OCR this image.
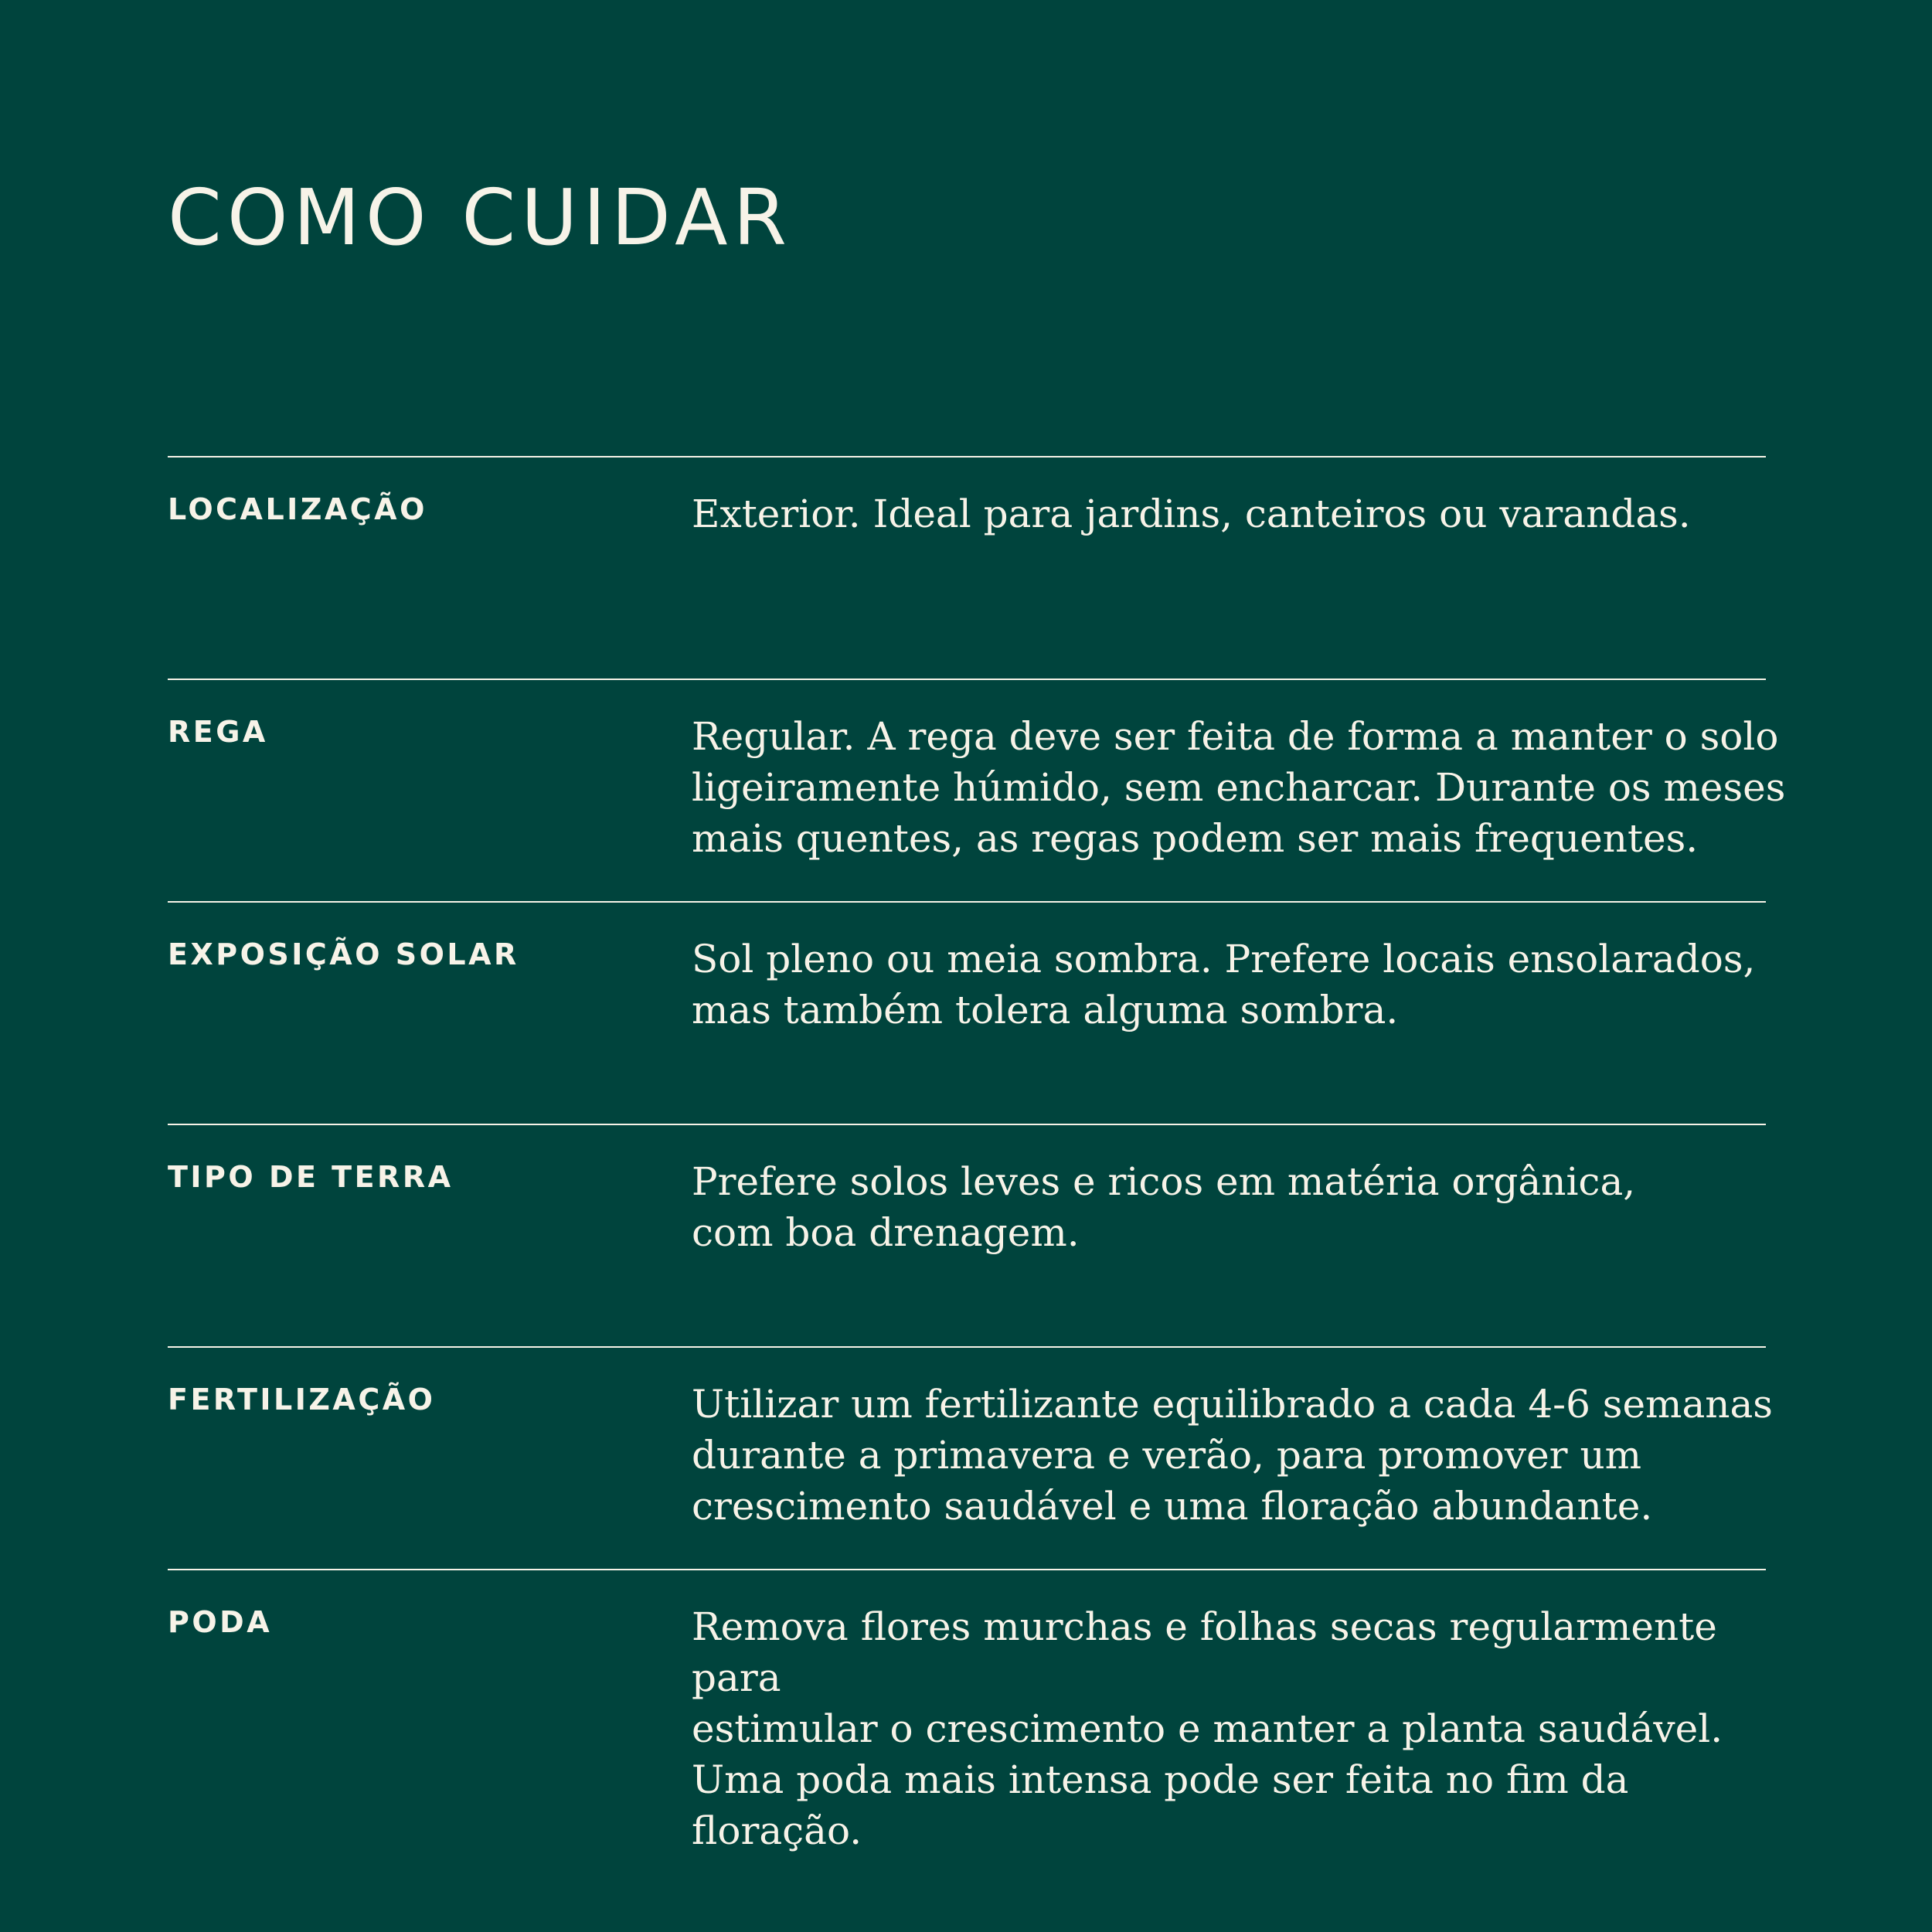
COMO CUIDAR
LOCALIZAÇÃO	Exterior. Ideal para jardins, canteiros ou varandas.

REGA	Regular. A rega deve ser feita de forma a manter o solo
ligeiramente húmido, sem encharcar. Durante os meses
mais quentes, as regas podem ser mais frequentes.

EXPOSIÇÃO SOLAR	Sol pleno ou meia sombra. Prefere locais ensolarados,
mas também tolera alguma sombra.

TIPO DE TERRA	Prefere solos leves e ricos em matéria orgânica,
com boa drenagem.

FERTILIZAÇÃO	Utilizar um fertilizante equilibrado a cada 4-6 semanas
durante a primavera e verão, para promover um
crescimento saudável e uma floração abundante.

PODA	Remova flores murchas e folhas secas regularmente para
estimular o crescimento e manter a planta saudável.
Uma poda mais intensa pode ser feita no fim da floração.
